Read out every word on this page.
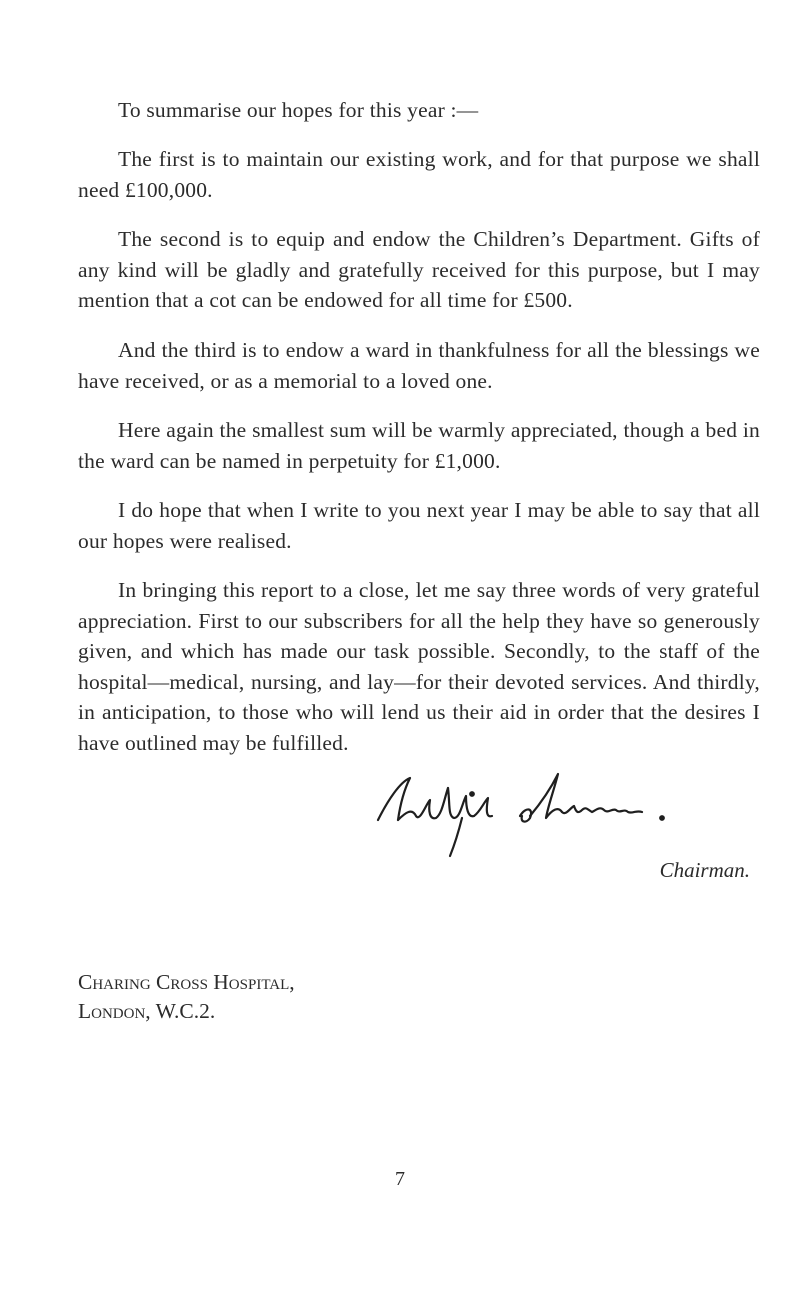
To summarise our hopes for this year :—

The first is to maintain our existing work, and for that purpose we shall need £100,000.

The second is to equip and endow the Children’s Department. Gifts of any kind will be gladly and gratefully received for this purpose, but I may mention that a cot can be endowed for all time for £500.

And the third is to endow a ward in thankfulness for all the blessings we have received, or as a memorial to a loved one.

Here again the smallest sum will be warmly appreciated, though a bed in the ward can be named in perpetuity for £1,000.

I do hope that when I write to you next year I may be able to say that all our hopes were realised.

In bringing this report to a close, let me say three words of very grateful appreciation. First to our subscribers for all the help they have so generously given, and which has made our task possible. Secondly, to the staff of the hospital—medical, nursing, and lay—for their devoted services. And thirdly, in anticipation, to those who will lend us their aid in order that the desires I have outlined may be fulfilled.

Chairman.
Charing Cross Hospital,
London, W.C.2.
7
